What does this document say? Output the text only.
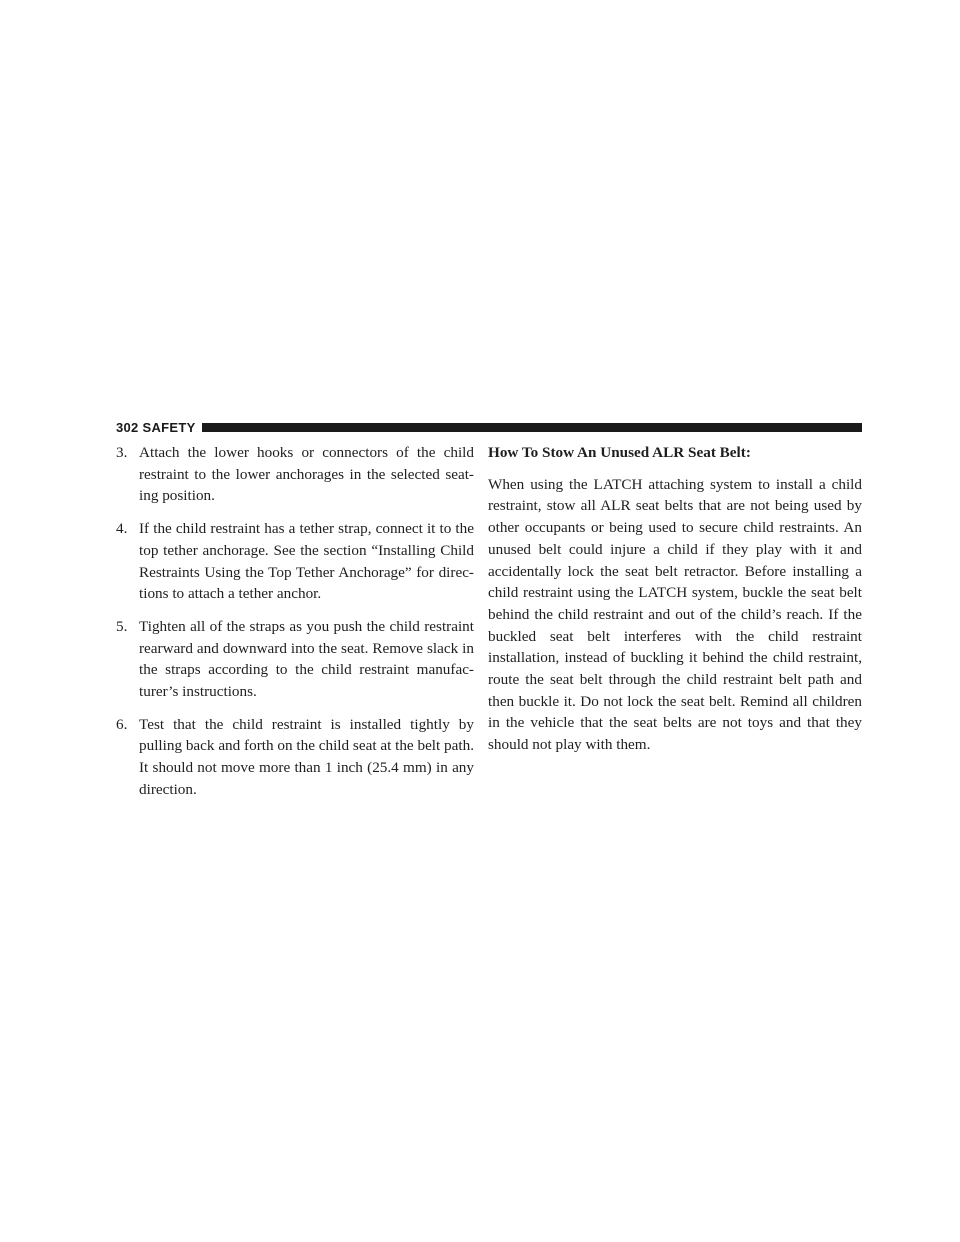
302 SAFETY
3. Attach the lower hooks or connectors of the child restraint to the lower anchorages in the selected seat-ing position.
4. If the child restraint has a tether strap, connect it to the top tether anchorage. See the section “Installing Child Restraints Using the Top Tether Anchorage” for direc-tions to attach a tether anchor.
5. Tighten all of the straps as you push the child restraint rearward and downward into the seat. Remove slack in the straps according to the child restraint manufac-turer’s instructions.
6. Test that the child restraint is installed tightly by pulling back and forth on the child seat at the belt path. It should not move more than 1 inch (25.4 mm) in any direction.
How To Stow An Unused ALR Seat Belt:

When using the LATCH attaching system to install a child restraint, stow all ALR seat belts that are not being used by other occupants or being used to secure child restraints. An unused belt could injure a child if they play with it and accidentally lock the seat belt retractor. Before installing a child restraint using the LATCH system, buckle the seat belt behind the child restraint and out of the child’s reach. If the buckled seat belt interferes with the child restraint installation, instead of buckling it behind the child restraint, route the seat belt through the child restraint belt path and then buckle it. Do not lock the seat belt. Remind all children in the vehicle that the seat belts are not toys and that they should not play with them.
